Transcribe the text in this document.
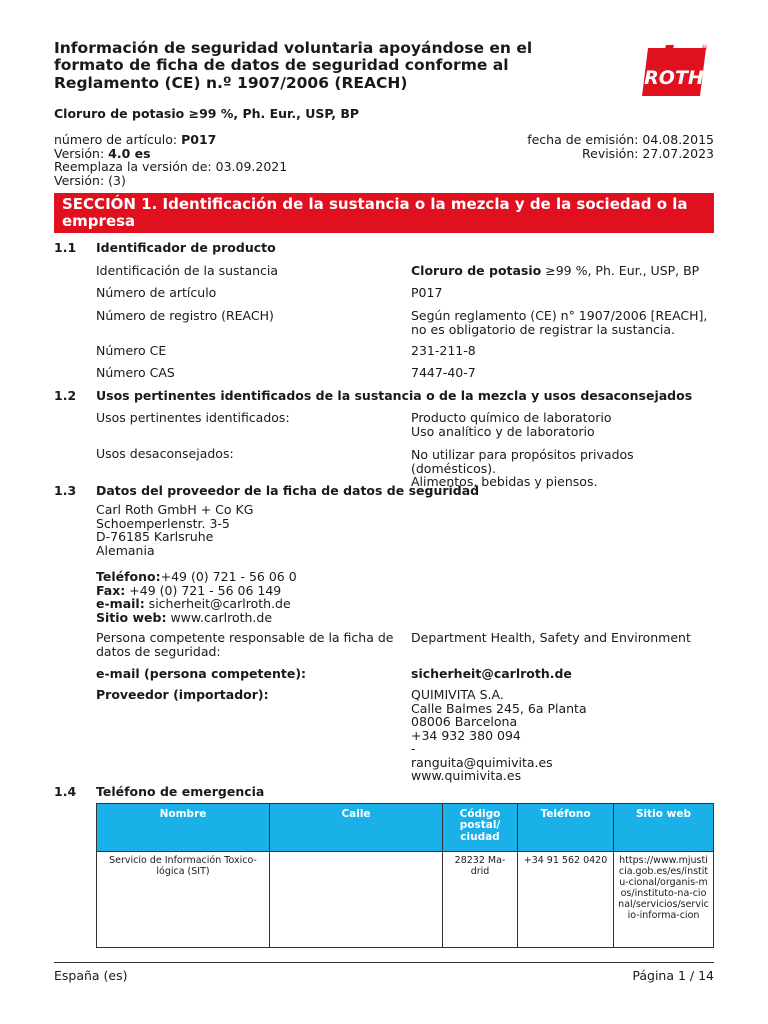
Información de seguridad voluntaria apoyándose en el formato de ficha de datos de seguridad conforme al Reglamento (CE) n.º 1907/2006 (REACH)	ROTH
®
Cloruro de potasio ≥99 %, Ph. Eur., USP, BP
número de artículo: P017
Versión: 4.0 es
Reemplaza la versión de: 03.09.2021
Versión: (3)
fecha de emisión: 04.08.2015
Revisión: 27.07.2023
SECCIÓN 1. Identificación de la sustancia o la mezcla y de la sociedad o la empresa
1.1 Identificador de producto
Identificación de la sustancia	Cloruro de potasio ≥99 %, Ph. Eur., USP, BP
Número de artículo	P017
Número de registro (REACH)	Según reglamento (CE) n° 1907/2006 [REACH], no es obligatorio de registrar la sustancia.
Número CE	231-211-8
Número CAS	7447-40-7
1.2 Usos pertinentes identificados de la sustancia o de la mezcla y usos desaconsejados
Usos pertinentes identificados:	Producto químico de laboratorio
Uso analítico y de laboratorio
Usos desaconsejados:	No utilizar para propósitos privados (domésticos).
Alimentos, bebidas y piensos.
1.3 Datos del proveedor de la ficha de datos de seguridad
Carl Roth GmbH + Co KG
Schoemperlenstr. 3-5
D-76185 Karlsruhe
Alemania
Teléfono:+49 (0) 721 - 56 06 0
Fax: +49 (0) 721 - 56 06 149
e-mail: sicherheit@carlroth.de
Sitio web: www.carlroth.de
Persona competente responsable de la ficha de datos de seguridad:
Department Health, Safety and Environment
e-mail (persona competente):	sicherheit@carlroth.de
Proveedor (importador):	QUIMIVITA S.A.
Calle Balmes 245, 6a Planta
08006 Barcelona
+34 932 380 094
-
ranguita@quimivita.es
www.quimivita.es
1.4 Teléfono de emergencia
Nombre	Calle	Código postal/ ciudad	Teléfono	Sitio web
Servicio de Información Toxico-lógica (SIT)		28232 Ma-drid	+34 91 562 0420	https://www.mjusticia.gob.es/es/institu-cional/organis-mos/instituto-na-cional/servicios/servicio-informa-cion
España (es)	Página 1 / 14
